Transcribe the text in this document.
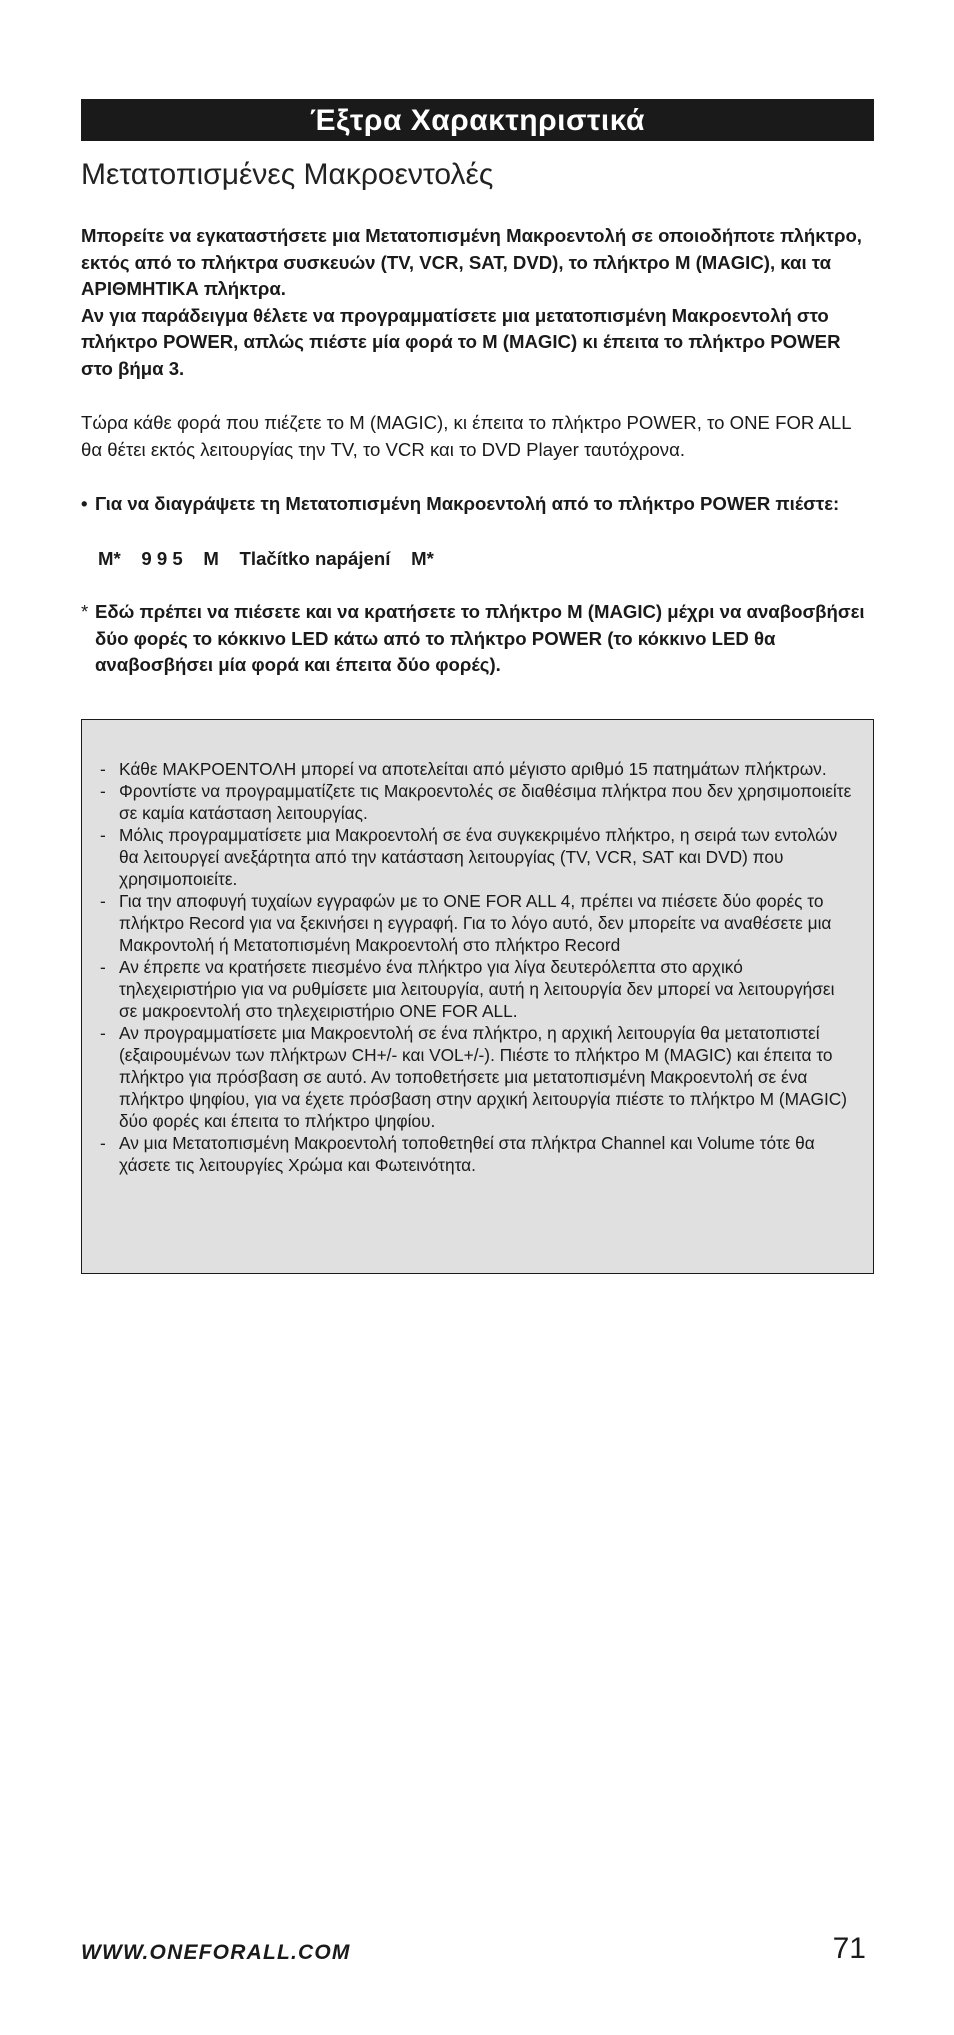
Έξτρα Χαρακτηριστικά
Μετατοπισμένες Μακροεντολές

Μπορείτε να εγκαταστήσετε μια Μετατοπισμένη Μακροεντολή σε οποιοδήποτε πλήκτρο, εκτός από το πλήκτρα συσκευών (TV, VCR, SAT, DVD), το πλήκτρο M (MAGIC), και τα ΑΡΙΘΜΗΤΙΚΑ πλήκτρα.

Αν για παράδειγμα θέλετε να προγραμματίσετε μια μετατοπισμένη Μακροεντολή στο πλήκτρο POWER, απλώς πιέστε μία φορά το M (MAGIC) κι έπειτα το πλήκτρο POWER στο βήμα 3.

Τώρα κάθε φορά που πιέζετε το M (MAGIC), κι έπειτα το πλήκτρο POWER, το ONE FOR ALL θα θέτει εκτός λειτουργίας την TV, το VCR και το DVD Player ταυτόχρονα.
• Για να διαγράψετε τη Μετατοπισμένη Μακροεντολή από το πλήκτρο POWER πιέστε:
M*    9 9 5    M    Tlačítko napájení    M*
* Εδώ πρέπει να πιέσετε και να κρατήσετε το πλήκτρο M (MAGIC) μέχρι να αναβοσβήσει δύο φορές το κόκκινο LED κάτω από το πλήκτρο POWER (το κόκκινο LED θα αναβοσβήσει μία φορά και έπειτα δύο φορές).
- Κάθε ΜΑΚΡΟΕΝΤΟΛΗ μπορεί να αποτελείται από μέγιστο αριθμό 15 πατημάτων πλήκτρων.
- Φροντίστε να προγραμματίζετε τις Μακροεντολές σε διαθέσιμα πλήκτρα που δεν χρησιμοποιείτε σε καμία κατάσταση λειτουργίας.
- Μόλις προγραμματίσετε μια Μακροεντολή σε ένα συγκεκριμένο πλήκτρο, η σειρά των εντολών θα λειτουργεί ανεξάρτητα από την κατάσταση λειτουργίας (TV, VCR, SAT και DVD) που χρησιμοποιείτε.
- Για την αποφυγή τυχαίων εγγραφών με το ONE FOR ALL 4, πρέπει να πιέσετε δύο φορές το πλήκτρο Record για να ξεκινήσει η εγγραφή. Για το λόγο αυτό, δεν μπορείτε να αναθέσετε μια Μακροντολή ή Μετατοπισμένη Μακροεντολή στο πλήκτρο Record
- Αν έπρεπε να κρατήσετε πιεσμένο ένα πλήκτρο για λίγα δευτερόλεπτα στο αρχικό τηλεχειριστήριο για να ρυθμίσετε μια λειτουργία, αυτή η λειτουργία δεν μπορεί να λειτουργήσει σε μακροεντολή στο τηλεχειριστήριο ONE FOR ALL.
- Αν προγραμματίσετε μια Μακροεντολή σε ένα πλήκτρο, η αρχική λειτουργία θα μετατοπιστεί (εξαιρουμένων των πλήκτρων CH+/- και VOL+/-). Πιέστε το πλήκτρο M (MAGIC) και έπειτα το πλήκτρο για πρόσβαση σε αυτό. Αν τοποθετήσετε μια μετατοπισμένη Μακροεντολή σε ένα πλήκτρο ψηφίου, για να έχετε πρόσβαση στην αρχική λειτουργία πιέστε το πλήκτρο M (MAGIC) δύο φορές και έπειτα το πλήκτρο ψηφίου.
- Αν μια Μετατοπισμένη Μακροεντολή τοποθετηθεί στα πλήκτρα Channel και Volume τότε θα χάσετε τις λειτουργίες Χρώμα και Φωτεινότητα.
WWW.ONEFORALL.COM	71
